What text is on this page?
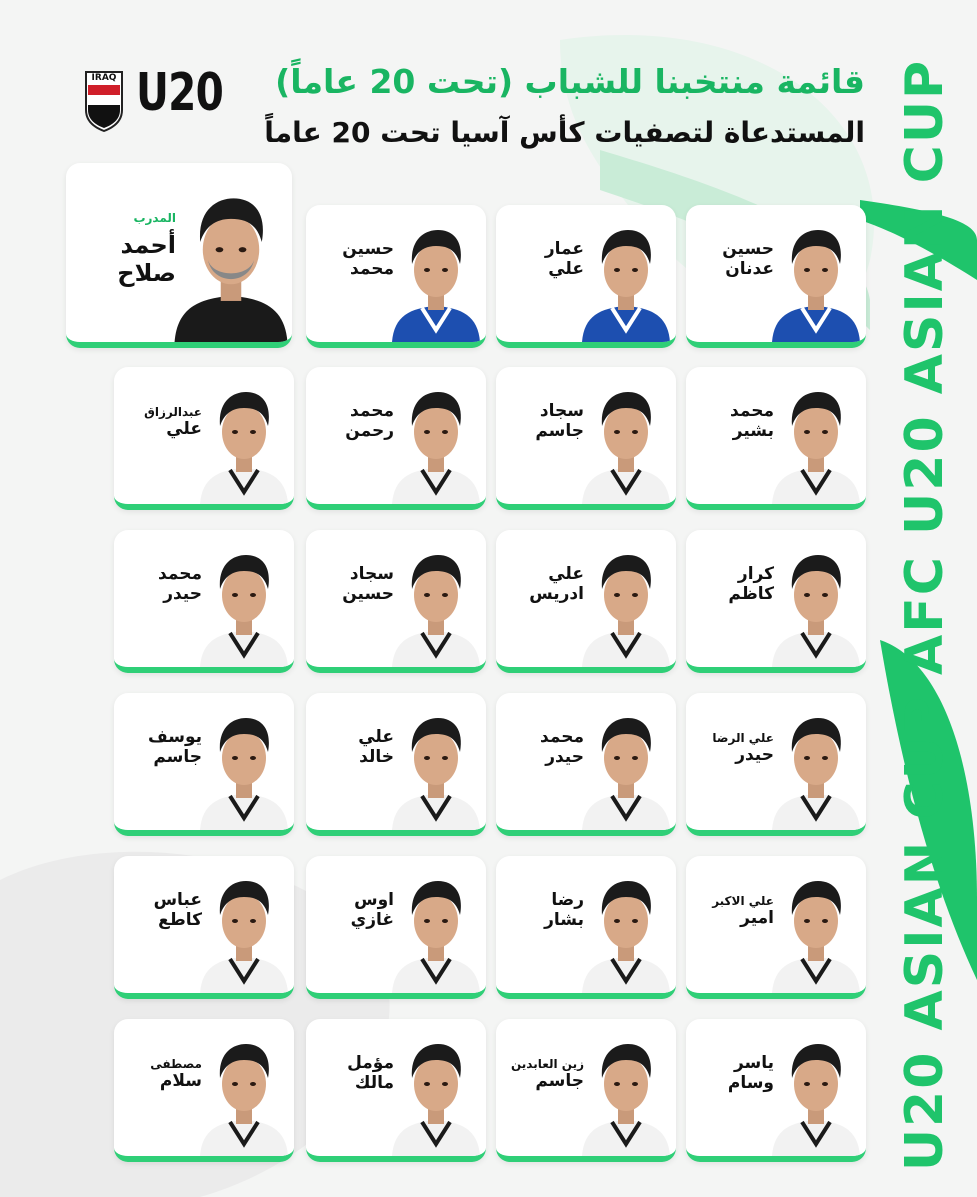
U20 ASIAN CUP AFC U20 ASIAN CUP
IRAQ U20 قائمة منتخبنا للشباب (تحت 20 عاماً)
المستدعاة لتصفيات كأس آسيا تحت 20 عاماً
المدرب
أحمد
صلاح
حسين
عدنان
عمار
علي
حسين
محمد
محمد
بشير
سجاد
جاسم
محمد
رحمن
عبدالرزاق
علي
كرار
كاظم
علي
ادريس
سجاد
حسين
محمد
حيدر
علي الرضا
حيدر
محمد
حيدر
علي
خالد
يوسف
جاسم
علي الاكبر
امير
رضا
بشار
اوس
غازي
عباس
كاطع
ياسر
وسام
زين العابدين
جاسم
مؤمل
مالك
مصطفى
سلام
